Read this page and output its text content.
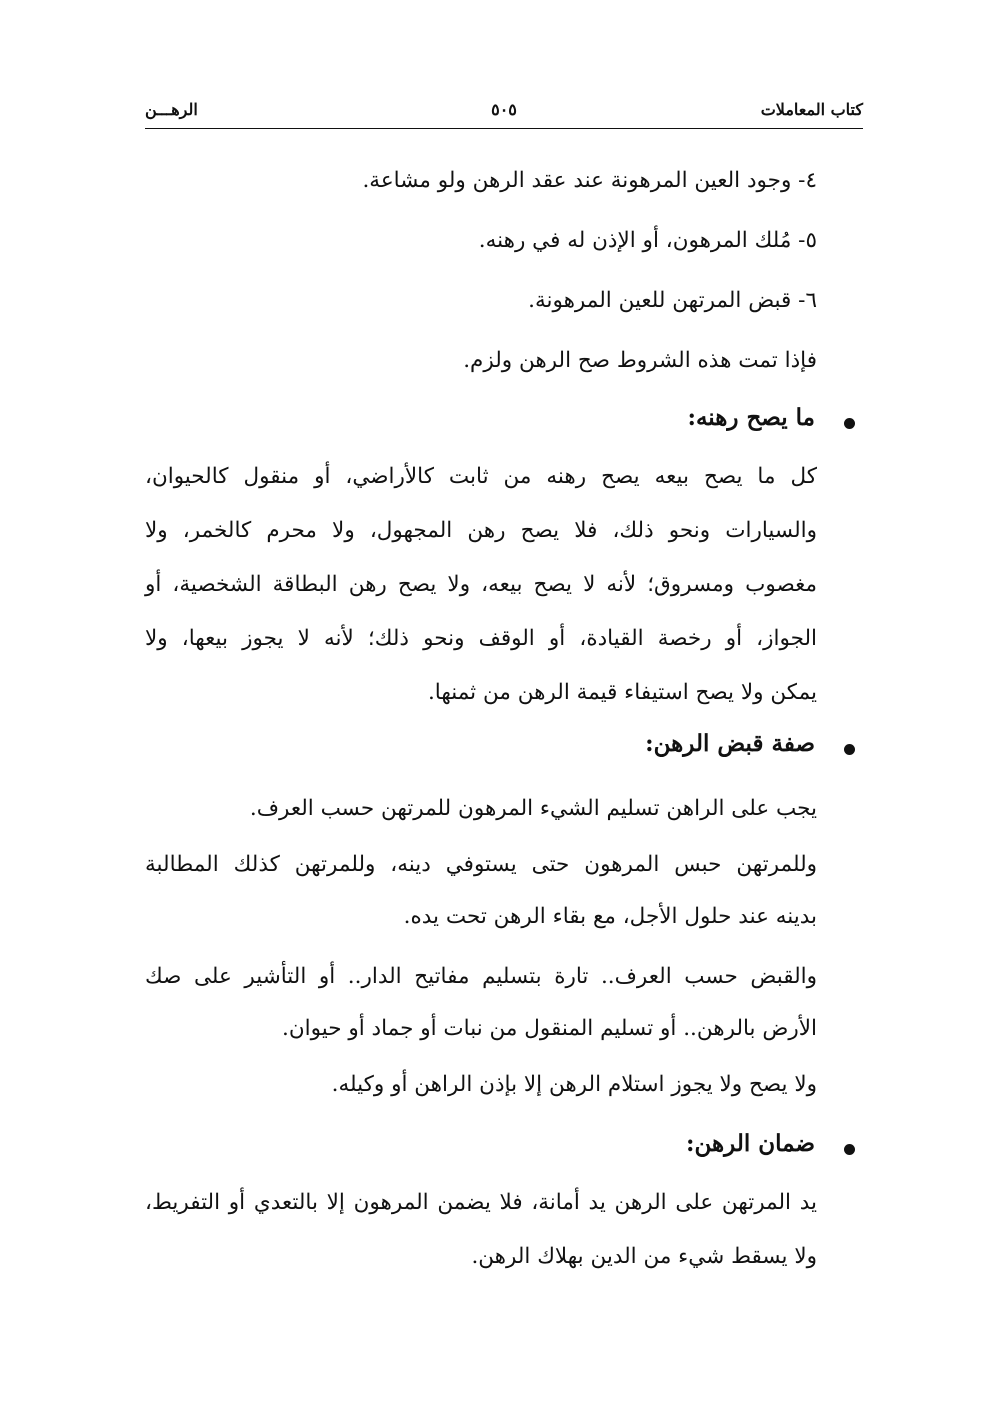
كتاب المعاملات
٥٠٥
الرهـــن
٤- وجود العين المرهونة عند عقد الرهن ولو مشاعة.
٥- مُلك المرهون، أو الإذن له في رهنه.
٦- قبض المرتهن للعين المرهونة.
فإذا تمت هذه الشروط صح الرهن ولزم.
ما يصح رهنه:
كل ما يصح بيعه يصح رهنه من ثابت كالأراضي، أو منقول كالحيوان،
والسيارات ونحو ذلك، فلا يصح رهن المجهول، ولا محرم كالخمر، ولا
مغصوب ومسروق؛ لأنه لا يصح بيعه، ولا يصح رهن البطاقة الشخصية، أو
الجواز، أو رخصة القيادة، أو الوقف ونحو ذلك؛ لأنه لا يجوز بيعها، ولا
يمكن ولا يصح استيفاء قيمة الرهن من ثمنها.
صفة قبض الرهن:
يجب على الراهن تسليم الشيء المرهون للمرتهن حسب العرف.
وللمرتهن حبس المرهون حتى يستوفي دينه، وللمرتهن كذلك المطالبة
بدينه عند حلول الأجل، مع بقاء الرهن تحت يده.
والقبض حسب العرف.. تارة بتسليم مفاتيح الدار.. أو التأشير على صك
الأرض بالرهن.. أو تسليم المنقول من نبات أو جماد أو حيوان.
ولا يصح ولا يجوز استلام الرهن إلا بإذن الراهن أو وكيله.
ضمان الرهن:
يد المرتهن على الرهن يد أمانة، فلا يضمن المرهون إلا بالتعدي أو التفريط،
ولا يسقط شيء من الدين بهلاك الرهن.
